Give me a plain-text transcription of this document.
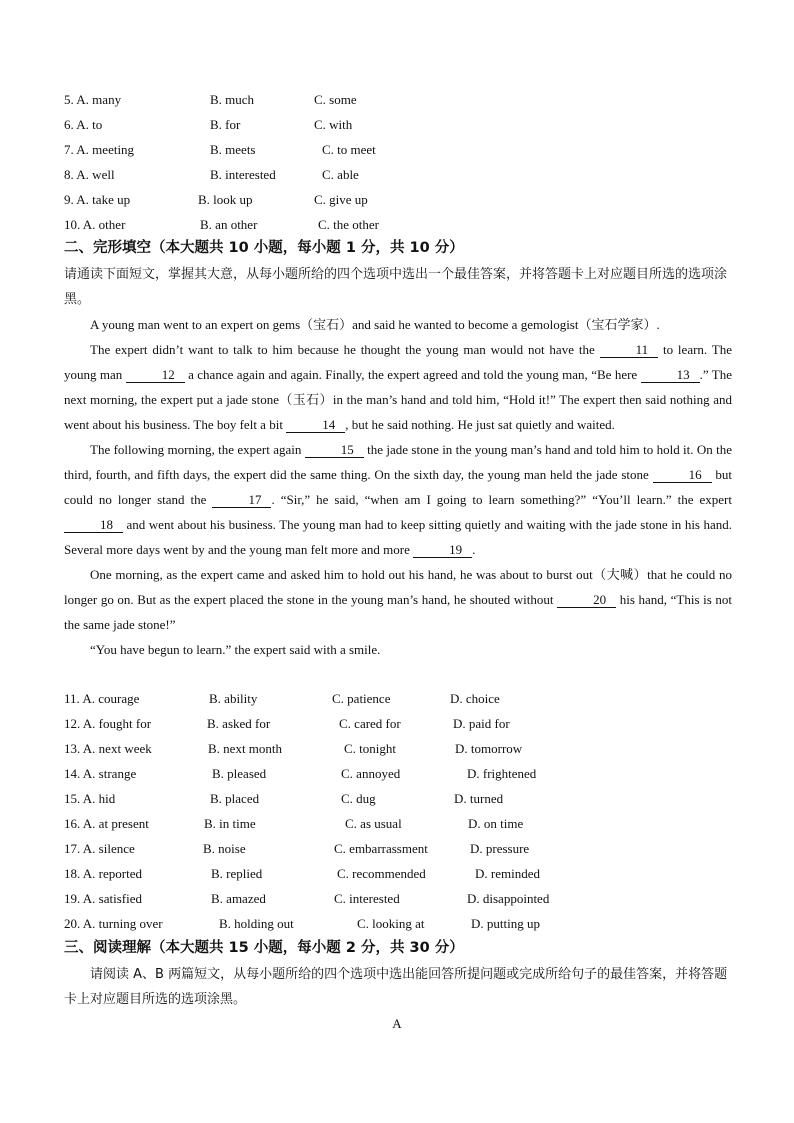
5. A. many	B. much	C. some
6. A. to	B. for	C. with
7. A. meeting	B. meets	C. to meet
8. A. well	B. interested	C. able
9. A. take up	B. look up	C. give up
10. A. other	B. an other	C. the other
二、完形填空（本大题共 10 小题，每小题 1 分，共 10 分）
请通读下面短文，掌握其大意，从每小题所给的四个选项中选出一个最佳答案，并将答题卡上对应题目所选的选项涂黑。

A young man went to an expert on gems（宝石）and said he wanted to become a gemologist（宝石学家）.

The expert didn’t want to talk to him because he thought the young man would not have the	11 to learn. The young man	12 a chance again and again. Finally, the expert agreed and told the young man, “Be here	13 .” The next morning, the expert put a jade stone（玉石）in the man’s hand and told him, “Hold it!” The expert then said nothing and went about his business. The boy felt a bit	14 , but he said nothing. He just sat quietly and waited.

The following morning, the expert again	15 the jade stone in the young man’s hand and told him to hold it. On the third, fourth, and fifth days, the expert did the same thing. On the sixth day, the young man held the jade stone	16 but could no longer stand the	17 . “Sir,” he said, “when am I going to learn something?” “You’ll learn.” the expert 18 and went about his business. The young man had to keep sitting quietly and waiting with the jade stone in his hand. Several more days went by and the young man felt more and more	19 .

One morning, as the expert came and asked him to hold out his hand, he was about to burst out（大喊）that he could no longer go on. But as the expert placed the stone in the young man’s hand, he shouted without	20 his hand, “This is not the same jade stone!”

“You have begun to learn.” the expert said with a smile.

11. A. courage	B. ability	C. patience	D. choice
12. A. fought for	B. asked for	C. cared for	D. paid for
13. A. next week	B. next month	C. tonight	D. tomorrow
14. A. strange	B. pleased	C. annoyed	D. frightened
15. A. hid	B. placed	C. dug	D. turned
16. A. at present	B. in time	C. as usual	D. on time
17. A. silence	B. noise	C. embarrassment	D. pressure
18. A. reported	B. replied	C. recommended	D. reminded
19. A. satisfied	B. amazed	C. interested	D. disappointed
20. A. turning over	B. holding out	C. looking at	D. putting up
三、阅读理解（本大题共 15 小题，每小题 2 分，共 30 分）
请阅读 A、B 两篇短文，从每小题所给的四个选项中选出能回答所提问题或完成所给句子的最佳答案，并将答题卡上对应题目所选的选项涂黑。
A
